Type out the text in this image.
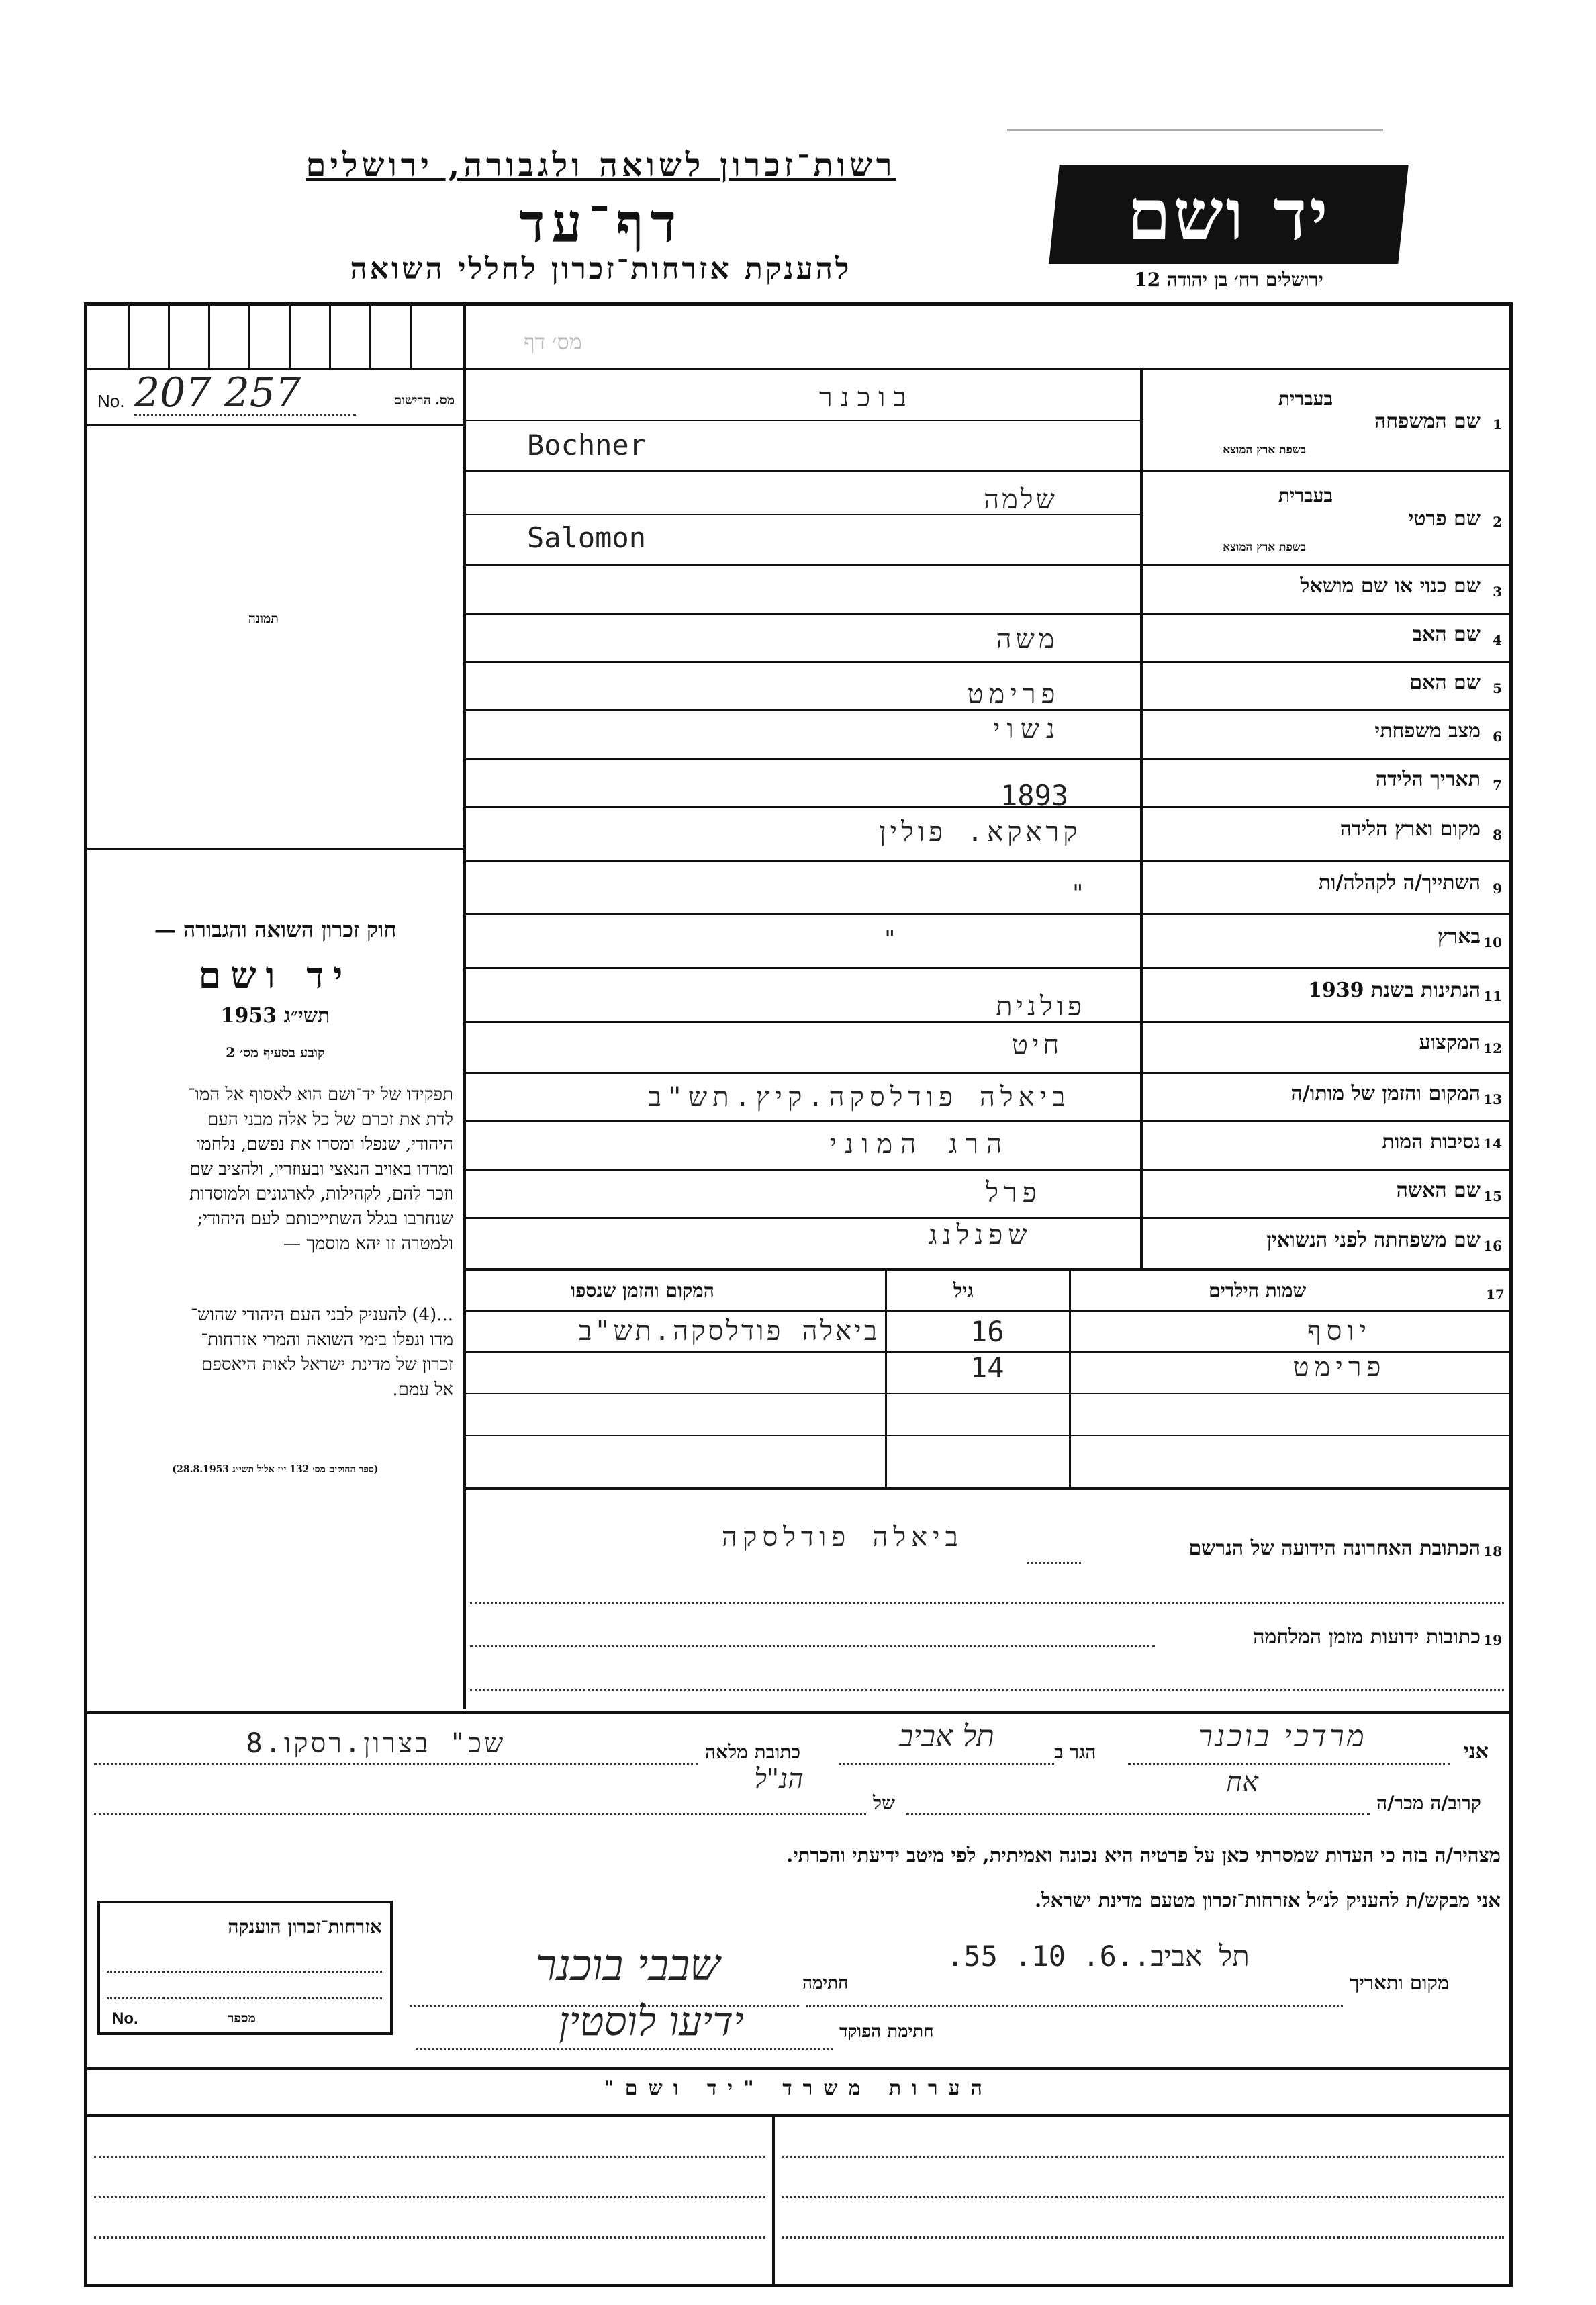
רשות־זכרון לשואה ולגבורה, ירושלים
דף־עד
להענקת אזרחות־זכרון לחללי השואה
יד ושם
ירושלים רח׳ בן יהודה 12
מס׳ דף
No. 207 257	מס. הרישום
תמונה
חוק זכרון השואה והגבורה —
יד ושם
תשי״ג 1953
קובע בסעיף מס׳ 2
תפקידו של יד־ושם הוא לאסוף אל המו־
לדת את זכרם של כל אלה מבני העם
היהודי, שנפלו ומסרו את נפשם, נלחמו
ומרדו באויב הנאצי ובעוזריו, ולהציב שם
וזכר להם, לקהילות, לארגונים ולמוסדות
שנחרבו בגלל השתייכותם לעם היהודי;
ולמטרה זו יהא מוסמך —
...(4) להעניק לבני העם היהודי שהוש־
מדו ונפלו בימי השואה והמרי אזרחות־
זכרון של מדינת ישראל לאות היאספם
אל עמם.
(ספר החוקים מס׳ 132 י״ז אלול תשי״ג 28.8.1953)
1
שם המשפחה
בעברית
בשפת ארץ המוצא
בוכנר
Bochner
2
שם פרטי
בעברית
בשפת ארץ המוצא
שלמה
Salomon
3
שם כנוי או שם מושאל
4
שם האב
משה
5
שם האם
פרימט
6
מצב משפחתי
נשוי
7
תאריך הלידה
1893
8
מקום וארץ הלידה
קראקא. פולין
9
השתייך/ה לקהלה/ות
"
10
בארץ
"
11
הנתינות בשנת 1939
פולנית
12
המקצוע
חיט
13
המקום והזמן של מותו/ה
ביאלה פודלסקה.קיץ.תש"ב
14
נסיבות המות
הרג המוני
15
שם האשה
פרל
16
שם משפחתה לפני הנשואין
שפנלנג
17
שמות הילדים
גיל
המקום והזמן שנספו
יוסף
16
ביאלה פודלסקה.תש"ב
פרימט
14
18
הכתובת האחרונה הידועה של הנרשם
ביאלה פודלסקה
19
כתובות ידועות מזמן המלחמה
אני
מרדכי בוכנר
הגר ב
תל אביב
כתובת מלאה
שכ" בצרון.רסקו.8
קרוב/ה מכר/ה
אח
של
הנ"ל
מצהיר/ה בזה כי העדות שמסרתי כאן על פרטיה היא נכונה ואמיתית, לפי מיטב ידיעתי והכרתי.
אני מבקש/ת להעניק לנ״ל אזרחות־זכרון מטעם מדינת ישראל.
אזרחות־זכרון הוענקה
No.	מספר
מקום ותאריך
תל אביב..6. 10. 55.
חתימה
שבבי בוכנר
חתימת הפוקד
ידיעו לוסטין
הערות משרד "יד ושם"
